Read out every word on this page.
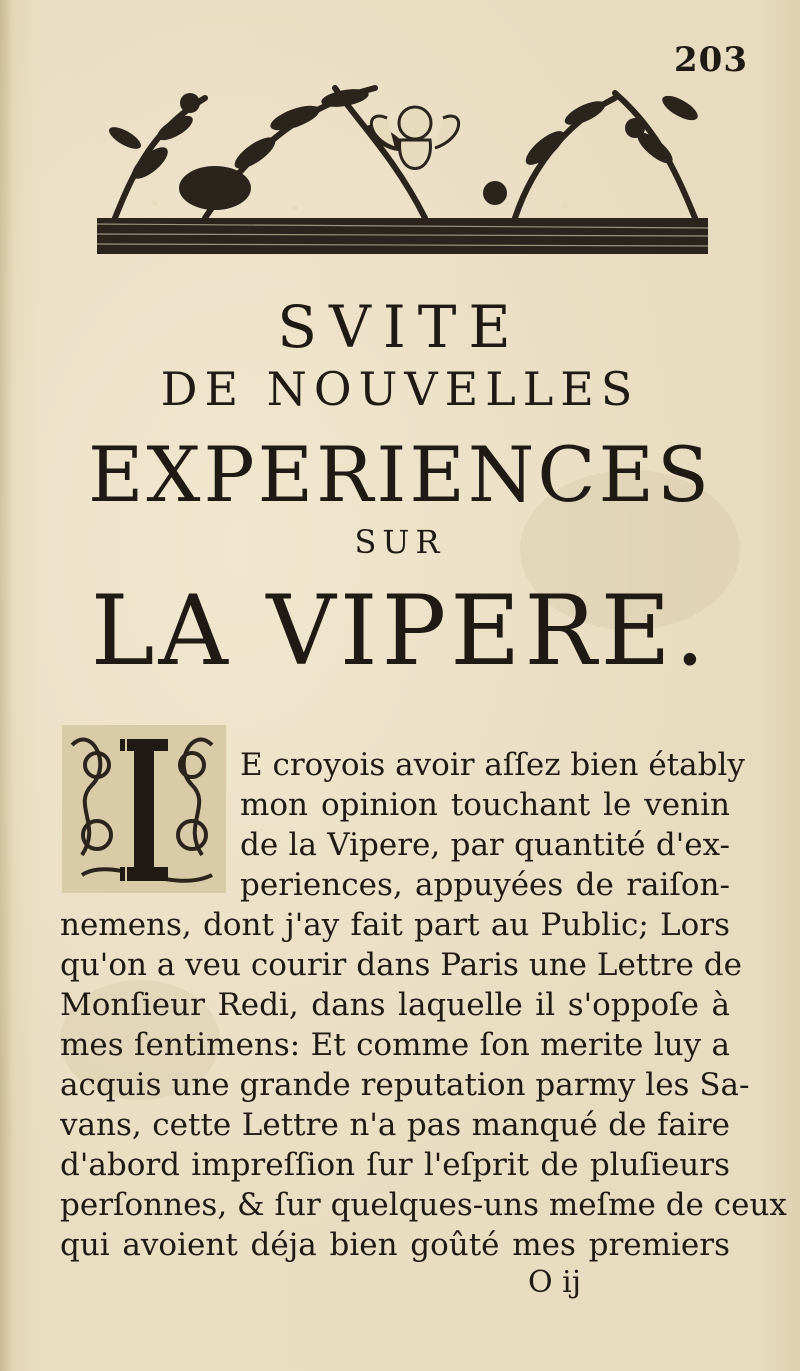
203
SVITE
DE NOUVELLES
EXPERIENCES
SUR
LA VIPERE.

E croyois avoir aſſez bien étably

mon opinion touchant le venin

de la Vipere, par quantité d'ex-

periences, appuyées de raiſon-

nemens, dont j'ay fait part au Public; Lors

qu'on a veu courir dans Paris une Lettre de

Monſieur Redi, dans laquelle il s'oppoſe à

mes ſentimens: Et comme ſon merite luy a

acquis une grande reputation parmy les Sa-

vans, cette Lettre n'a pas manqué de faire

d'abord impreſſion ſur l'eſprit de pluſieurs

perſonnes, & ſur quelques-uns meſme de ceux

qui avoient déja bien goûté mes premiers

O ij
